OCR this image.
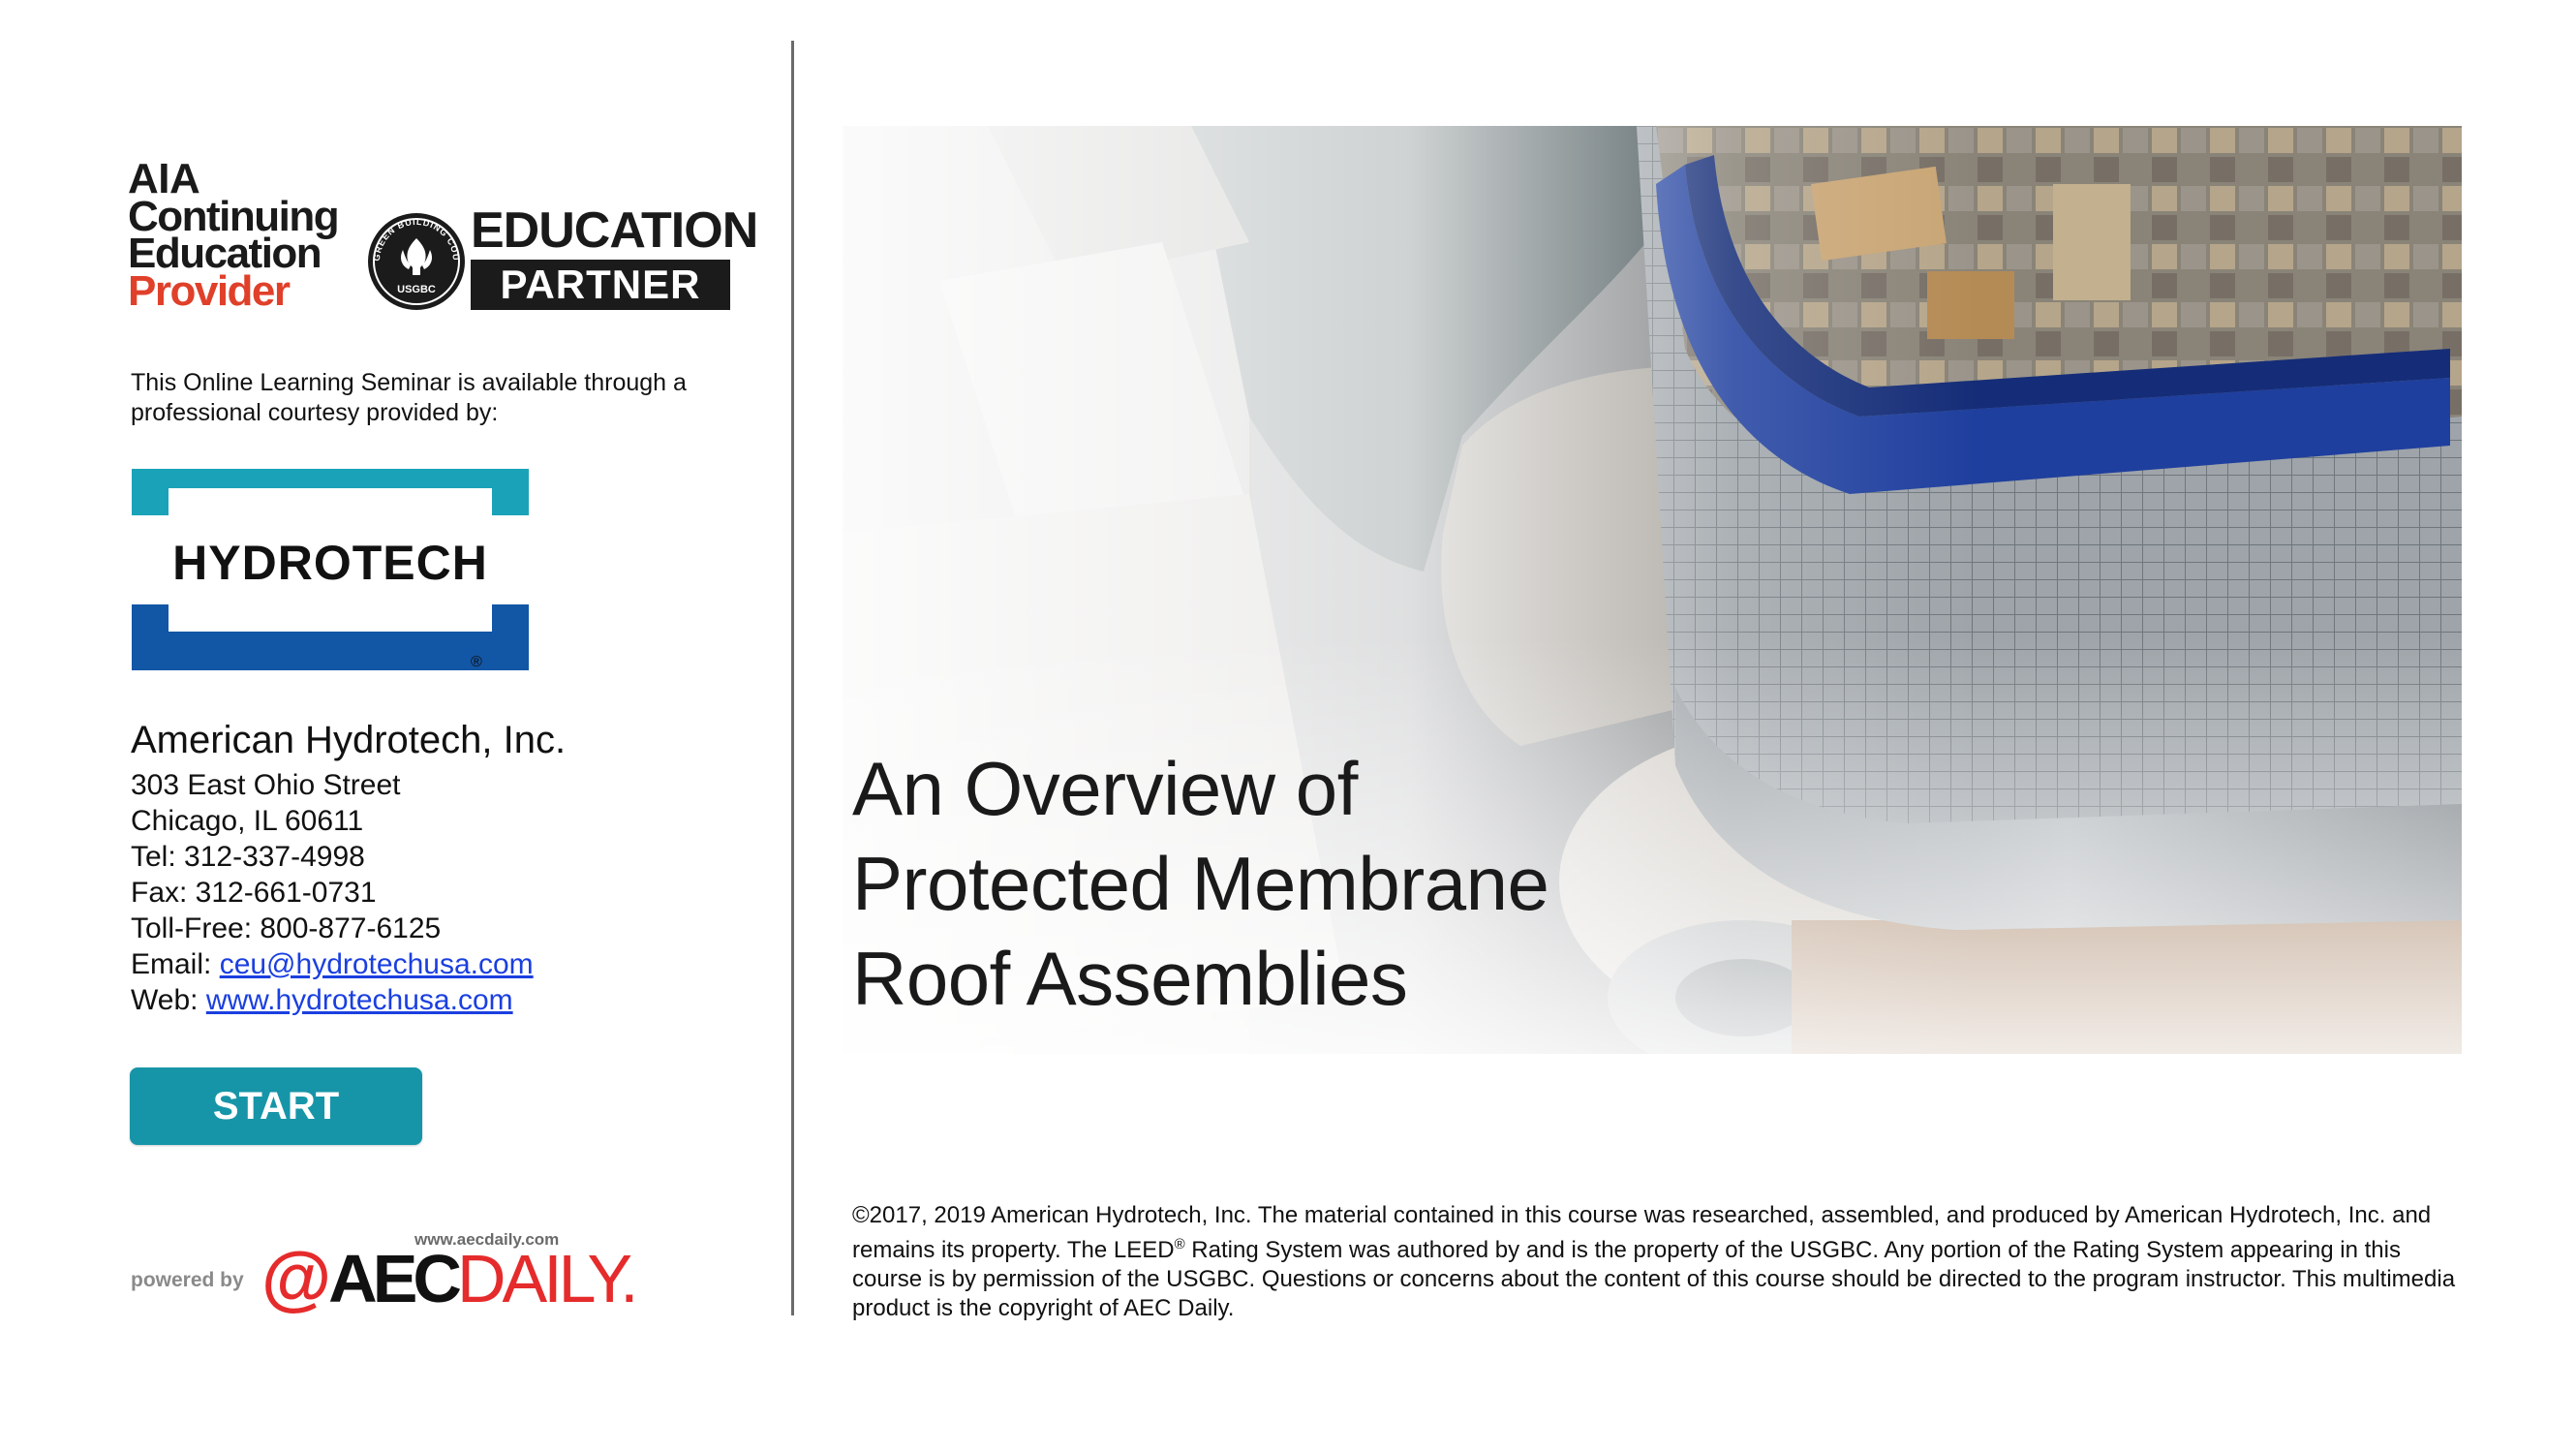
AIA
Continuing
Education
Provider
GREEN BUILDING COU
USGBC
EDUCATION
PARTNER
This Online Learning Seminar is available through a
professional courtesy provided by:
HYDROTECH
®
American Hydrotech, Inc.
303 East Ohio Street
Chicago, IL 60611
Tel: 312-337-4998
Fax: 312-661-0731
Toll-Free: 800-877-6125
Email: ceu@hydrotechusa.com
Web: www.hydrotechusa.com
START
www.aecdaily.com
powered by @AECDAILY.
An Overview of
Protected Membrane
Roof Assemblies
©2017, 2019 American Hydrotech, Inc. The material contained in this course was researched, assembled, and produced by American Hydrotech, Inc. and remains its property. The LEED® Rating System was authored by and is the property of the USGBC. Any portion of the Rating System appearing in this course is by permission of the USGBC. Questions or concerns about the content of this course should be directed to the program instructor. This multimedia product is the copyright of AEC Daily.
